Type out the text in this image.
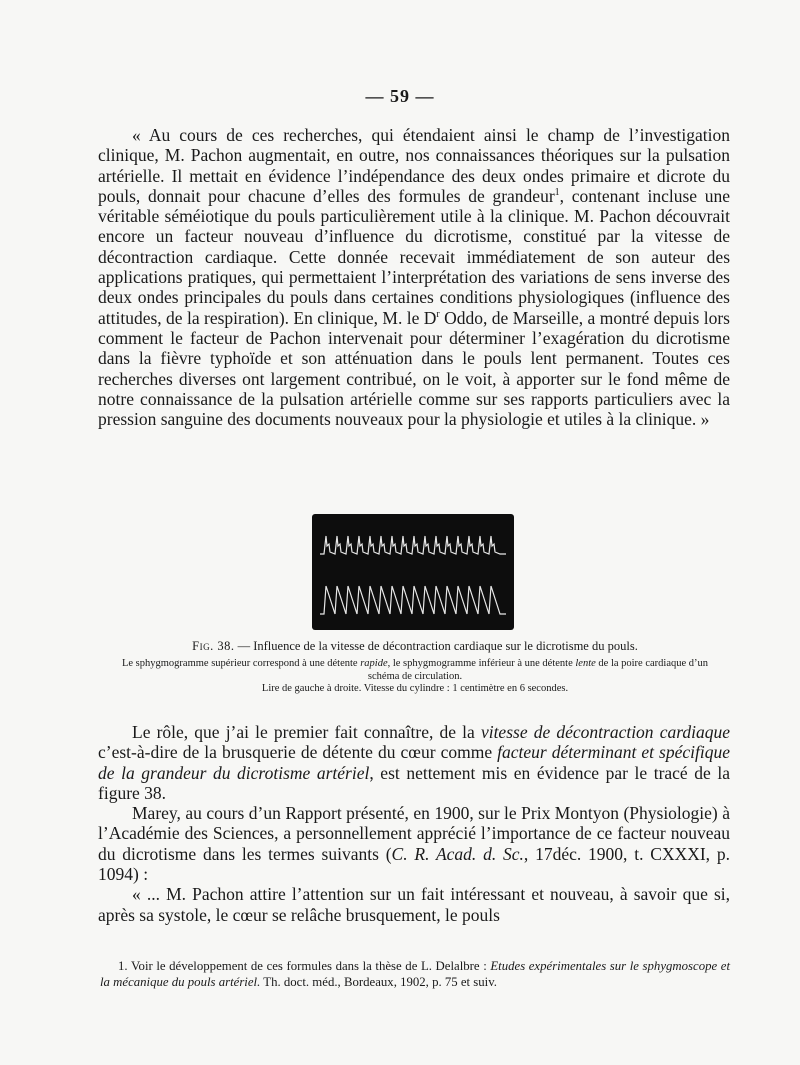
— 59 —

« Au cours de ces recherches, qui étendaient ainsi le champ de l’investigation clinique, M. Pachon augmentait, en outre, nos connaissances théoriques sur la pulsation artérielle. Il mettait en évidence l’indépendance des deux ondes primaire et dicrote du pouls, donnait pour chacune d’elles des formules de grandeur$^1$, contenant incluse une véritable séméiotique du pouls particulièrement utile à la clinique. M. Pachon découvrait encore un facteur nouveau d’influence du dicrotisme, constitué par la vitesse de décontraction cardiaque. Cette donnée recevait immédiatement de son auteur des applications pratiques, qui permettaient l’interprétation des variations de sens inverse des deux ondes principales du pouls dans certaines conditions physiologiques (influence des attitudes, de la respiration). En clinique, M. le $D^r$ Oddo, de Marseille, a montré depuis lors comment le facteur de Pachon intervenait pour déterminer l’exagération du dicrotisme dans la fièvre typhoïde et son atténuation dans le pouls lent permanent. Toutes ces recherches diverses ont largement contribué, on le voit, à apporter sur le fond même de notre connaissance de la pulsation artérielle comme sur ses rapports particuliers avec la pression sanguine des documents nouveaux pour la physiologie et utiles à la clinique. »

Fig. 38. — Influence de la vitesse de décontraction cardiaque sur le dicrotisme du pouls.

Le sphygmogramme supérieur correspond à une détente rapide, le sphygmogramme inférieur à une détente lente de la poire cardiaque d’un schéma de circulation.
Lire de gauche à droite. Vitesse du cylindre : 1 centimètre en 6 secondes.

Le rôle, que j’ai le premier fait connaître, de la vitesse de décontraction cardiaque c’est-à-dire de la brusquerie de détente du cœur comme facteur déterminant et spécifique de la grandeur du dicrotisme artériel, est nettement mis en évidence par le tracé de la figure 38.

Marey, au cours d’un Rapport présenté, en 1900, sur le Prix Montyon (Physiologie) à l’Académie des Sciences, a personnellement apprécié l’importance de ce facteur nouveau du dicrotisme dans les termes suivants (C. R. Acad. d. Sc., 17déc. 1900, t. CXXXI, p. 1094) :

« ... M. Pachon attire l’attention sur un fait intéressant et nouveau, à savoir que si, après sa systole, le cœur se relâche brusquement, le pouls

1. Voir le développement de ces formules dans la thèse de L. Delalbre : Etudes expérimentales sur le sphygmoscope et la mécanique du pouls artériel. Th. doct. méd., Bordeaux, 1902, p. 75 et suiv.
